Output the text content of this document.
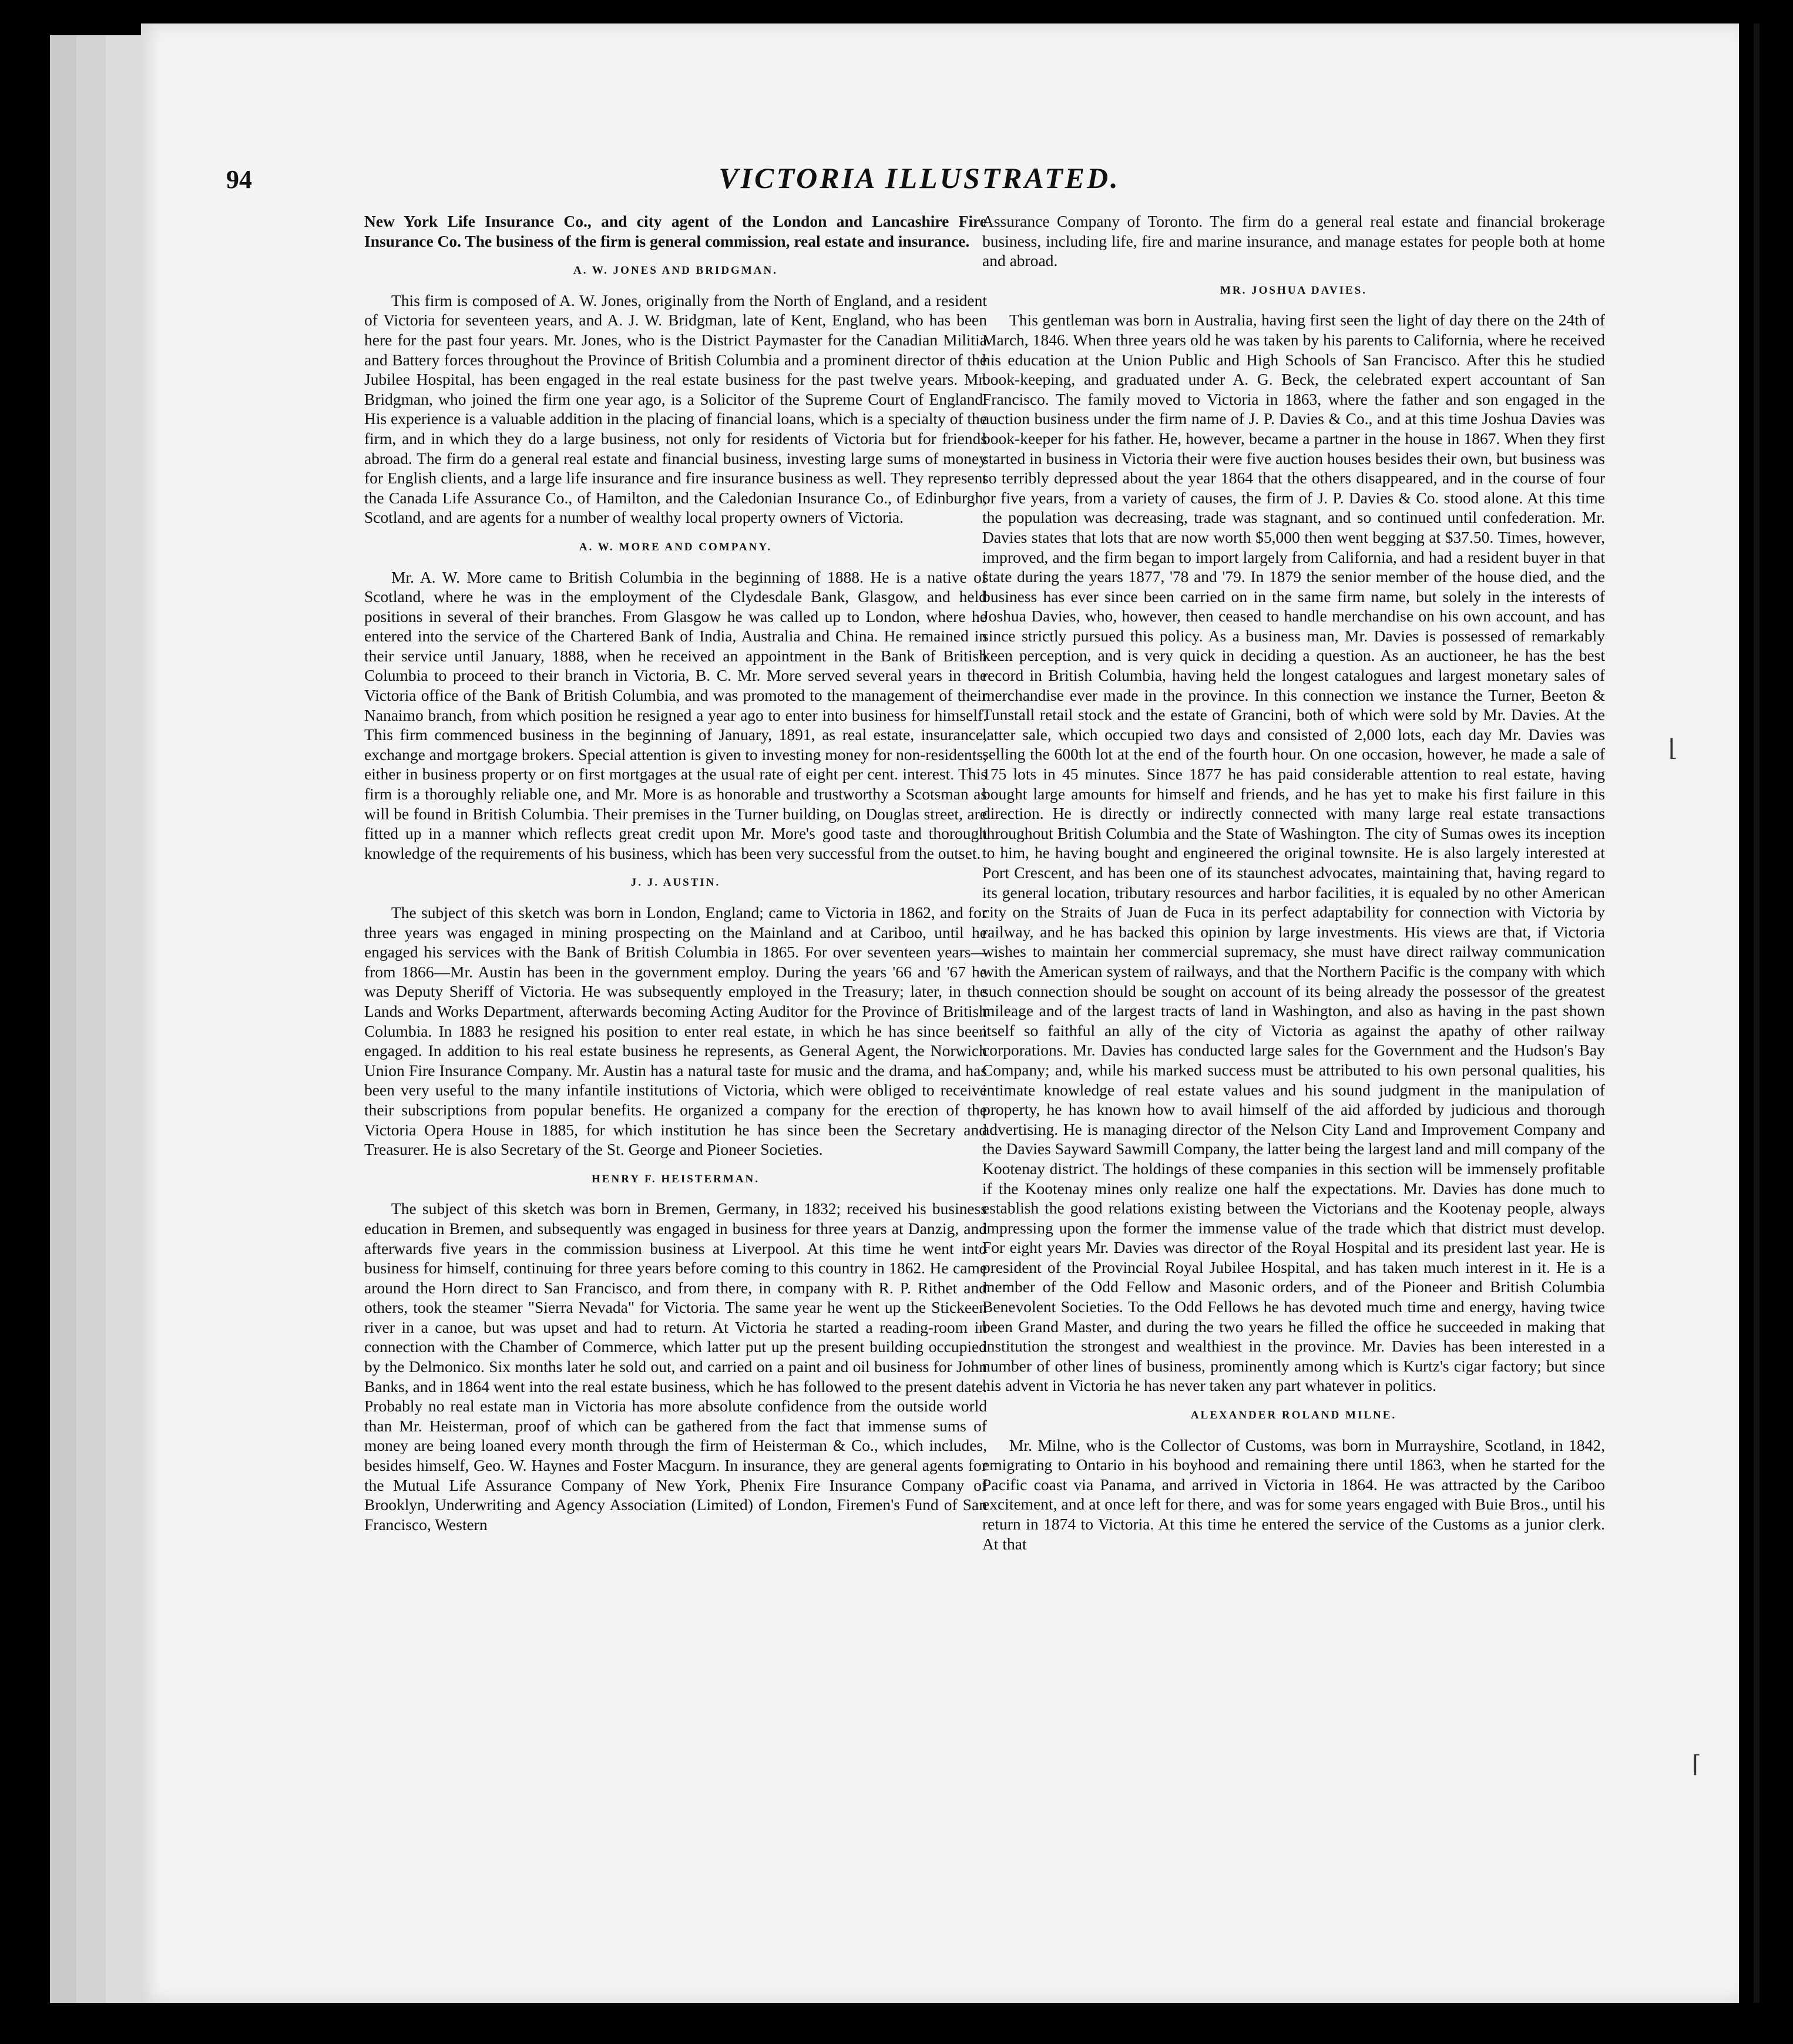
94	VICTORIA ILLUSTRATED.

New York Life Insurance Co., and city agent of the London and Lancashire Fire Insurance Co. The business of the firm is general commission, real estate and insurance.

A. W. JONES AND BRIDGMAN.

This firm is composed of A. W. Jones, originally from the North of England, and a resident of Victoria for seventeen years, and A. J. W. Bridgman, late of Kent, England, who has been here for the past four years. Mr. Jones, who is the District Paymaster for the Canadian Militia and Battery forces throughout the Province of British Columbia and a prominent director of the Jubilee Hospital, has been engaged in the real estate business for the past twelve years. Mr. Bridgman, who joined the firm one year ago, is a Solicitor of the Supreme Court of England. His experience is a valuable addition in the placing of financial loans, which is a specialty of the firm, and in which they do a large business, not only for residents of Victoria but for friends abroad. The firm do a general real estate and financial business, investing large sums of money for English clients, and a large life insurance and fire insurance business as well. They represent the Canada Life Assurance Co., of Hamilton, and the Caledonian Insurance Co., of Edinburgh, Scotland, and are agents for a number of wealthy local property owners of Victoria.

A. W. MORE AND COMPANY.

Mr. A. W. More came to British Columbia in the beginning of 1888. He is a native of Scotland, where he was in the employment of the Clydesdale Bank, Glasgow, and held positions in several of their branches. From Glasgow he was called up to London, where he entered into the service of the Chartered Bank of India, Australia and China. He remained in their service until January, 1888, when he received an appointment in the Bank of British Columbia to proceed to their branch in Victoria, B. C. Mr. More served several years in the Victoria office of the Bank of British Columbia, and was promoted to the management of their Nanaimo branch, from which position he resigned a year ago to enter into business for himself. This firm commenced business in the beginning of January, 1891, as real estate, insurance, exchange and mortgage brokers. Special attention is given to investing money for non-residents, either in business property or on first mortgages at the usual rate of eight per cent. interest. This firm is a thoroughly reliable one, and Mr. More is as honorable and trustworthy a Scotsman as will be found in British Columbia. Their premises in the Turner building, on Douglas street, are fitted up in a manner which reflects great credit upon Mr. More's good taste and thorough knowledge of the requirements of his business, which has been very successful from the outset.

J. J. AUSTIN.

The subject of this sketch was born in London, England; came to Victoria in 1862, and for three years was engaged in mining prospecting on the Mainland and at Cariboo, until he engaged his services with the Bank of British Columbia in 1865. For over seventeen years—from 1866—Mr. Austin has been in the government employ. During the years '66 and '67 he was Deputy Sheriff of Victoria. He was subsequently employed in the Treasury; later, in the Lands and Works Department, afterwards becoming Acting Auditor for the Province of British Columbia. In 1883 he resigned his position to enter real estate, in which he has since been engaged. In addition to his real estate business he represents, as General Agent, the Norwich Union Fire Insurance Company. Mr. Austin has a natural taste for music and the drama, and has been very useful to the many infantile institutions of Victoria, which were obliged to receive their subscriptions from popular benefits. He organized a company for the erection of the Victoria Opera House in 1885, for which institution he has since been the Secretary and Treasurer. He is also Secretary of the St. George and Pioneer Societies.

HENRY F. HEISTERMAN.

The subject of this sketch was born in Bremen, Germany, in 1832; received his business education in Bremen, and subsequently was engaged in business for three years at Danzig, and afterwards five years in the commission business at Liverpool. At this time he went into business for himself, continuing for three years before coming to this country in 1862. He came around the Horn direct to San Francisco, and from there, in company with R. P. Rithet and others, took the steamer "Sierra Nevada" for Victoria. The same year he went up the Stickeen river in a canoe, but was upset and had to return. At Victoria he started a reading-room in connection with the Chamber of Commerce, which latter put up the present building occupied by the Delmonico. Six months later he sold out, and carried on a paint and oil business for John Banks, and in 1864 went into the real estate business, which he has followed to the present date. Probably no real estate man in Victoria has more absolute confidence from the outside world than Mr. Heisterman, proof of which can be gathered from the fact that immense sums of money are being loaned every month through the firm of Heisterman & Co., which includes, besides himself, Geo. W. Haynes and Foster Macgurn. In insurance, they are general agents for the Mutual Life Assurance Company of New York, Phenix Fire Insurance Company of Brooklyn, Underwriting and Agency Association (Limited) of London, Firemen's Fund of San Francisco, Western

Assurance Company of Toronto. The firm do a general real estate and financial brokerage business, including life, fire and marine insurance, and manage estates for people both at home and abroad.

MR. JOSHUA DAVIES.

This gentleman was born in Australia, having first seen the light of day there on the 24th of March, 1846. When three years old he was taken by his parents to California, where he received his education at the Union Public and High Schools of San Francisco. After this he studied book-keeping, and graduated under A. G. Beck, the celebrated expert accountant of San Francisco. The family moved to Victoria in 1863, where the father and son engaged in the auction business under the firm name of J. P. Davies & Co., and at this time Joshua Davies was book-keeper for his father. He, however, became a partner in the house in 1867. When they first started in business in Victoria their were five auction houses besides their own, but business was so terribly depressed about the year 1864 that the others disappeared, and in the course of four or five years, from a variety of causes, the firm of J. P. Davies & Co. stood alone. At this time the population was decreasing, trade was stagnant, and so continued until confederation. Mr. Davies states that lots that are now worth $5,000 then went begging at $37.50. Times, however, improved, and the firm began to import largely from California, and had a resident buyer in that state during the years 1877, '78 and '79. In 1879 the senior member of the house died, and the business has ever since been carried on in the same firm name, but solely in the interests of Joshua Davies, who, however, then ceased to handle merchandise on his own account, and has since strictly pursued this policy. As a business man, Mr. Davies is possessed of remarkably keen perception, and is very quick in deciding a question. As an auctioneer, he has the best record in British Columbia, having held the longest catalogues and largest monetary sales of merchandise ever made in the province. In this connection we instance the Turner, Beeton & Tunstall retail stock and the estate of Grancini, both of which were sold by Mr. Davies. At the latter sale, which occupied two days and consisted of 2,000 lots, each day Mr. Davies was selling the 600th lot at the end of the fourth hour. On one occasion, however, he made a sale of 175 lots in 45 minutes. Since 1877 he has paid considerable attention to real estate, having bought large amounts for himself and friends, and he has yet to make his first failure in this direction. He is directly or indirectly connected with many large real estate transactions throughout British Columbia and the State of Washington. The city of Sumas owes its inception to him, he having bought and engineered the original townsite. He is also largely interested at Port Crescent, and has been one of its staunchest advocates, maintaining that, having regard to its general location, tributary resources and harbor facilities, it is equaled by no other American city on the Straits of Juan de Fuca in its perfect adaptability for connection with Victoria by railway, and he has backed this opinion by large investments. His views are that, if Victoria wishes to maintain her commercial supremacy, she must have direct railway communication with the American system of railways, and that the Northern Pacific is the company with which such connection should be sought on account of its being already the possessor of the greatest mileage and of the largest tracts of land in Washington, and also as having in the past shown itself so faithful an ally of the city of Victoria as against the apathy of other railway corporations. Mr. Davies has conducted large sales for the Government and the Hudson's Bay Company; and, while his marked success must be attributed to his own personal qualities, his intimate knowledge of real estate values and his sound judgment in the manipulation of property, he has known how to avail himself of the aid afforded by judicious and thorough advertising. He is managing director of the Nelson City Land and Improvement Company and the Davies Sayward Sawmill Company, the latter being the largest land and mill company of the Kootenay district. The holdings of these companies in this section will be immensely profitable if the Kootenay mines only realize one half the expectations. Mr. Davies has done much to establish the good relations existing between the Victorians and the Kootenay people, always impressing upon the former the immense value of the trade which that district must develop. For eight years Mr. Davies was director of the Royal Hospital and its president last year. He is president of the Provincial Royal Jubilee Hospital, and has taken much interest in it. He is a member of the Odd Fellow and Masonic orders, and of the Pioneer and British Columbia Benevolent Societies. To the Odd Fellows he has devoted much time and energy, having twice been Grand Master, and during the two years he filled the office he succeeded in making that institution the strongest and wealthiest in the province. Mr. Davies has been interested in a number of other lines of business, prominently among which is Kurtz's cigar factory; but since his advent in Victoria he has never taken any part whatever in politics.

ALEXANDER ROLAND MILNE.

Mr. Milne, who is the Collector of Customs, was born in Murrayshire, Scotland, in 1842, emigrating to Ontario in his boyhood and remaining there until 1863, when he started for the Pacific coast via Panama, and arrived in Victoria in 1864. He was attracted by the Cariboo excitement, and at once left for there, and was for some years engaged with Buie Bros., until his return in 1874 to Victoria. At this time he entered the service of the Customs as a junior clerk. At that

⌊
⌈
